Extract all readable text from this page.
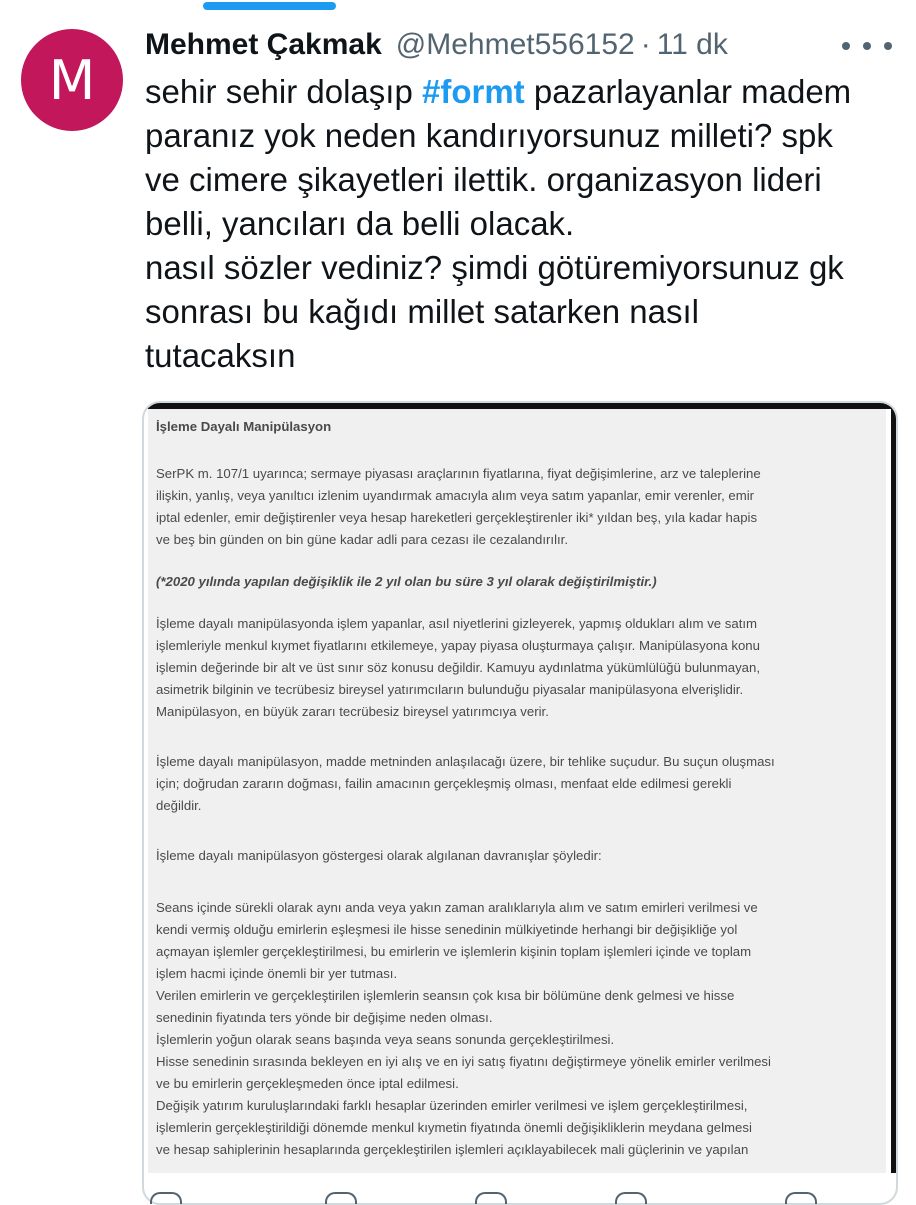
M
Mehmet Çakmak @Mehmet556152 · 11 dk
sehir sehir dolaşıp #formt pazarlayanlar madem
paranız yok neden kandırıyorsunuz milleti? spk
ve cimere şikayetleri ilettik. organizasyon lideri
belli, yancıları da belli olacak.
nasıl sözler vediniz? şimdi götüremiyorsunuz gk
sonrası bu kağıdı millet satarken nasıl
tutacaksın

İşleme Dayalı Manipülasyon

SerPK m. 107/1 uyarınca; sermaye piyasası araçlarının fiyatlarına, fiyat değişimlerine, arz ve taleplerine
ilişkin, yanlış, veya yanıltıcı izlenim uyandırmak amacıyla alım veya satım yapanlar, emir verenler, emir
iptal edenler, emir değiştirenler veya hesap hareketleri gerçekleştirenler iki* yıldan beş, yıla kadar hapis
ve beş bin günden on bin güne kadar adli para cezası ile cezalandırılır.

(*2020 yılında yapılan değişiklik ile 2 yıl olan bu süre 3 yıl olarak değiştirilmiştir.)

İşleme dayalı manipülasyonda işlem yapanlar, asıl niyetlerini gizleyerek, yapmış oldukları alım ve satım
işlemleriyle menkul kıymet fiyatlarını etkilemeye, yapay piyasa oluşturmaya çalışır. Manipülasyona konu
işlemin değerinde bir alt ve üst sınır söz konusu değildir. Kamuyu aydınlatma yükümlülüğü bulunmayan,
asimetrik bilginin ve tecrübesiz bireysel yatırımcıların bulunduğu piyasalar manipülasyona elverişlidir.
Manipülasyon, en büyük zararı tecrübesiz bireysel yatırımcıya verir.

İşleme dayalı manipülasyon, madde metninden anlaşılacağı üzere, bir tehlike suçudur. Bu suçun oluşması
için; doğrudan zararın doğması, failin amacının gerçekleşmiş olması, menfaat elde edilmesi gerekli
değildir.

İşleme dayalı manipülasyon göstergesi olarak algılanan davranışlar şöyledir:

Seans içinde sürekli olarak aynı anda veya yakın zaman aralıklarıyla alım ve satım emirleri verilmesi ve
kendi vermiş olduğu emirlerin eşleşmesi ile hisse senedinin mülkiyetinde herhangi bir değişikliğe yol
açmayan işlemler gerçekleştirilmesi, bu emirlerin ve işlemlerin kişinin toplam işlemleri içinde ve toplam
işlem hacmi içinde önemli bir yer tutması.
Verilen emirlerin ve gerçekleştirilen işlemlerin seansın çok kısa bir bölümüne denk gelmesi ve hisse
senedinin fiyatında ters yönde bir değişime neden olması.
İşlemlerin yoğun olarak seans başında veya seans sonunda gerçekleştirilmesi.
Hisse senedinin sırasında bekleyen en iyi alış ve en iyi satış fiyatını değiştirmeye yönelik emirler verilmesi
ve bu emirlerin gerçekleşmeden önce iptal edilmesi.
Değişik yatırım kuruluşlarındaki farklı hesaplar üzerinden emirler verilmesi ve işlem gerçekleştirilmesi,
işlemlerin gerçekleştirildiği dönemde menkul kıymetin fiyatında önemli değişikliklerin meydana gelmesi
ve hesap sahiplerinin hesaplarında gerçekleştirilen işlemleri açıklayabilecek mali güçlerinin ve yapılan
